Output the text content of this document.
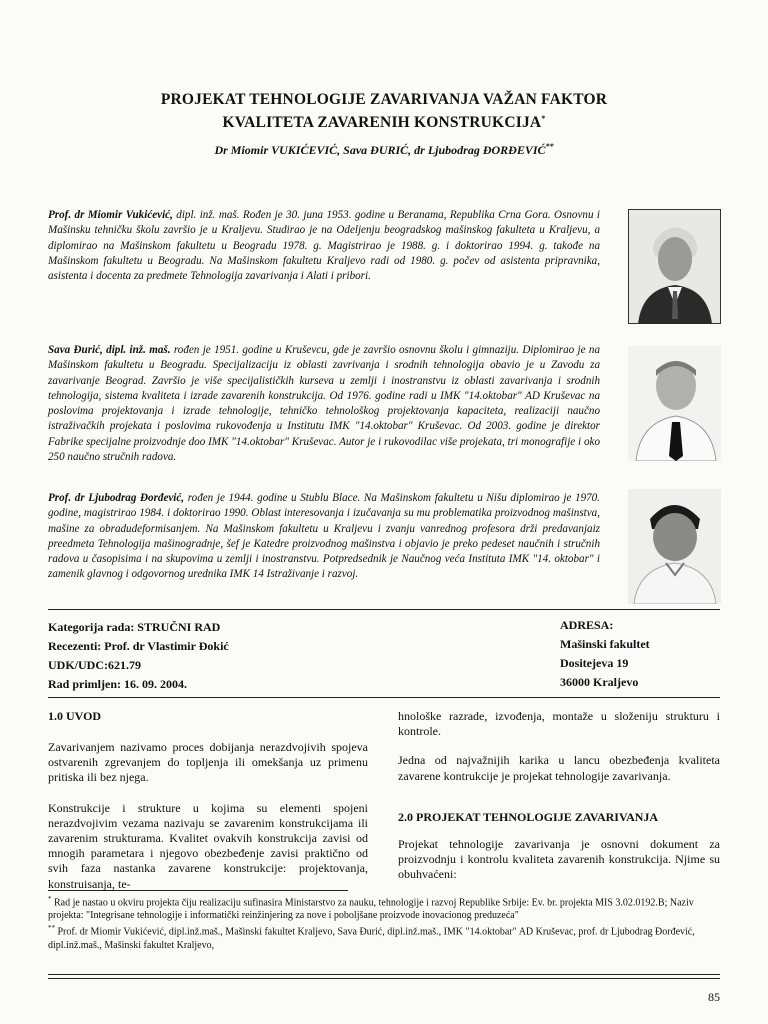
PROJEKAT TEHNOLOGIJE ZAVARIVANJA VAŽAN FAKTOR
KVALITETA ZAVARENIH KONSTRUKCIJA*
Dr Miomir VUKIĆEVIĆ, Sava ĐURIĆ, dr Ljubodrag ĐORĐEVIĆ**

Prof. dr Miomir Vukićević, dipl. inž. maš. Rođen je 30. juna 1953. godine u Beranama, Republika Crna Gora. Osnovnu i Mašinsku tehničku školu završio je u Kraljevu. Studirao je na Odeljenju beogradskog mašinskog fakulteta u Kraljevu, a diplomirao na Mašinskom fakultetu u Beogradu 1978. g. Magistrirao je 1988. g. i doktorirao 1994. g. takođe na Mašinskom fakultetu u Beogradu. Na Mašinskom fakultetu Kraljevo radi od 1980. g. počev od asistenta pripravnika, asistenta i docenta za predmete Tehnologija zavarivanja i Alati i pribori.

Sava Đurić, dipl. inž. maš. rođen je 1951. godine u Kruševcu, gde je završio osnovnu školu i gimnaziju. Diplomirao je na Mašinskom fakultetu u Beogradu. Specijalizaciju iz oblasti zavrivanja i srodnih tehnologija obavio je u Zavodu za zavarivanje Beograd. Završio je više specijalističkih kurseva u zemlji i inostranstvu iz oblasti zavarivanja i srodnih tehnologija, sistema kvaliteta i izrade zavarenih konstrukcija. Od 1976. godine radi u IMK "14.oktobar" AD Kruševac na poslovima projektovanja i izrade tehnologije, tehničko tehnološkog projektovanja kapaciteta, realizaciji naučno istraživačkih projekata i poslovima rukovođenja u Institutu IMK "14.oktobar" Kruševac. Od 2003. godine je direktor Fabrike specijalne proizvodnje doo IMK "14.oktobar" Kruševac. Autor je i rukovodilac više projekata, tri monografije i oko 250 naučno stručnih radova.

Prof. dr Ljubodrag Đorđević, rođen je 1944. godine u Stublu Blace. Na Mašinskom fakultetu u Nišu diplomirao je 1970. godine, magistrirao 1984. i doktorirao 1990. Oblast interesovanja i izučavanja su mu problematika proizvodnog mašinstva, mašine za obradudeformisanjem. Na Mašinskom fakultetu u Kraljevu i zvanju vanrednog profesora drži predavanjaiz preedmeta Tehnologija mašinogradnje, šef je Katedre proizvodnog mašinstva i objavio je preko pedeset naučnih i stručnih radova u časopisima i na skupovima u zemlji i inostranstvu. Potpredsednik je Naučnog veća Instituta IMK "14. oktobar" i zamenik glavnog i odgovornog urednika IMK 14 Istraživanje i razvoj.

Kategorija rada: STRUČNI RAD
Recezenti: Prof. dr Vlastimir Đokić
UDK/UDC:621.79
Rad primljen: 16. 09. 2004.
ADRESA:
Mašinski fakultet
Dositejeva 19
36000 Kraljevo
1.0 UVOD

Zavarivanjem nazivamo proces dobijanja nerazdvojivih spojeva ostvarenih zgrevanjem do topljenja ili omekšanja uz primenu pritiska ili bez njega.

Konstrukcije i strukture u kojima su elementi spojeni nerazdvojivim vezama nazivaju se zavarenim konstrukcijama ili zavarenim strukturama. Kvalitet ovakvih konstrukcija zavisi od mnogih parametara i njegovo obezbeđenje zavisi praktično od svih faza nastanka zavarene konstrukcije: projektovanja, konstruisanja, te-

hnološke razrade, izvođenja, montaže u složeniju strukturu i kontrole.

Jedna od najvažnijih karika u lancu obezbeđenja kvaliteta zavarene kontrukcije je projekat tehnologije zavarivanja.

2.0 PROJEKAT TEHNOLOGIJE ZAVARIVANJA

Projekat tehnologije zavarivanja je osnovni dokument za proizvodnju i kontrolu kvaliteta zavarenih konstrukcija. Njime su obuhvaćeni:

* Rad je nastao u okviru projekta čiju realizaciju sufinasira Ministarstvo za nauku, tehnologije i razvoj Republike Srbije: Ev. br. projekta MIS 3.02.0192.B; Naziv projekta: "Integrisane tehnologije i informatički reinžinjering za nove i poboljšane proizvode inovacionog preduzeća"

** Prof. dr Miomir Vukićević, dipl.inž.maš., Mašinski fakultet Kraljevo, Sava Đurić, dipl.inž.maš., IMK "14.oktobar" AD Kruševac, prof. dr Ljubodrag Đorđević, dipl.inž.maš., Mašinski fakultet Kraljevo,

85
